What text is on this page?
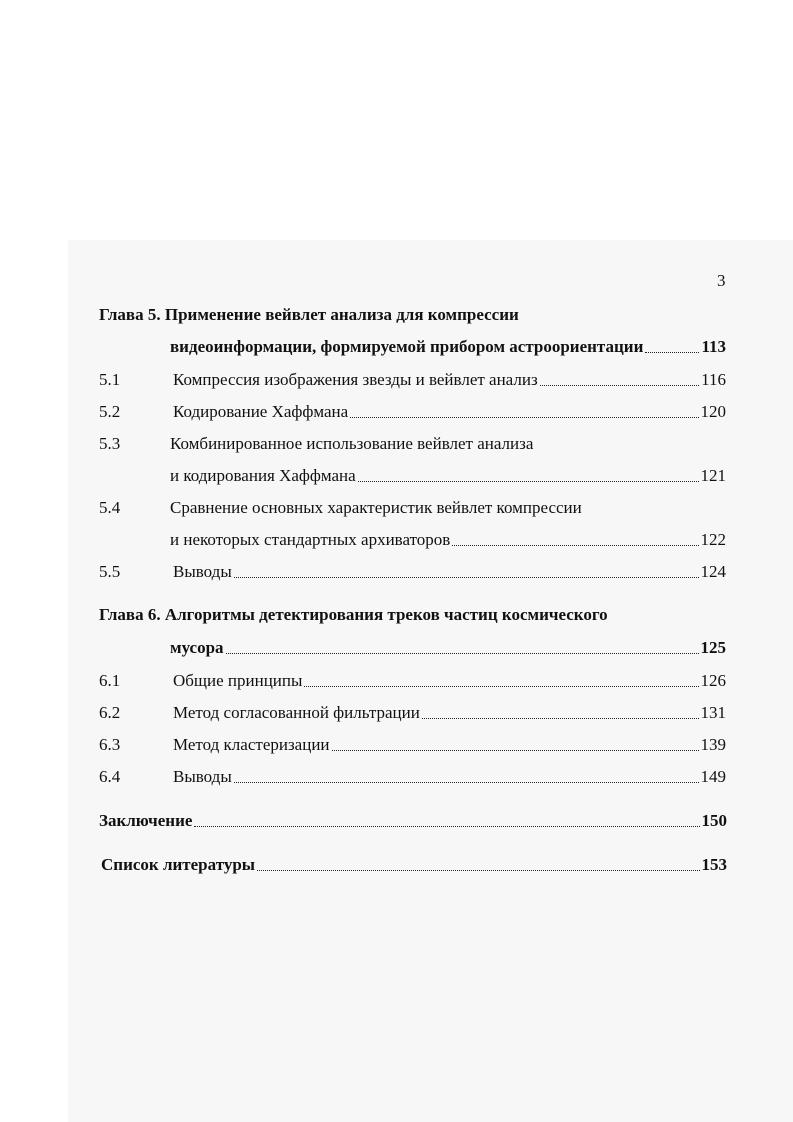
3
Глава 5. Применение вейвлет анализа для компрессии
видеоинформации, формируемой прибором астроориентации	113
5.1	Компрессия изображения звезды и вейвлет анализ	116
5.2	Кодирование Хаффмана	120
5.3	Комбинированное использование вейвлет анализа
и кодирования Хаффмана	121
5.4	Сравнение основных характеристик вейвлет компрессии
и некоторых стандартных архиваторов	122
5.5	Выводы	124
Глава 6. Алгоритмы детектирования треков частиц космического
мусора	125
6.1	Общие принципы	126
6.2	Метод согласованной фильтрации	131
6.3	Метод кластеризации	139
6.4	Выводы	149
Заключение	150
Список литературы	153
